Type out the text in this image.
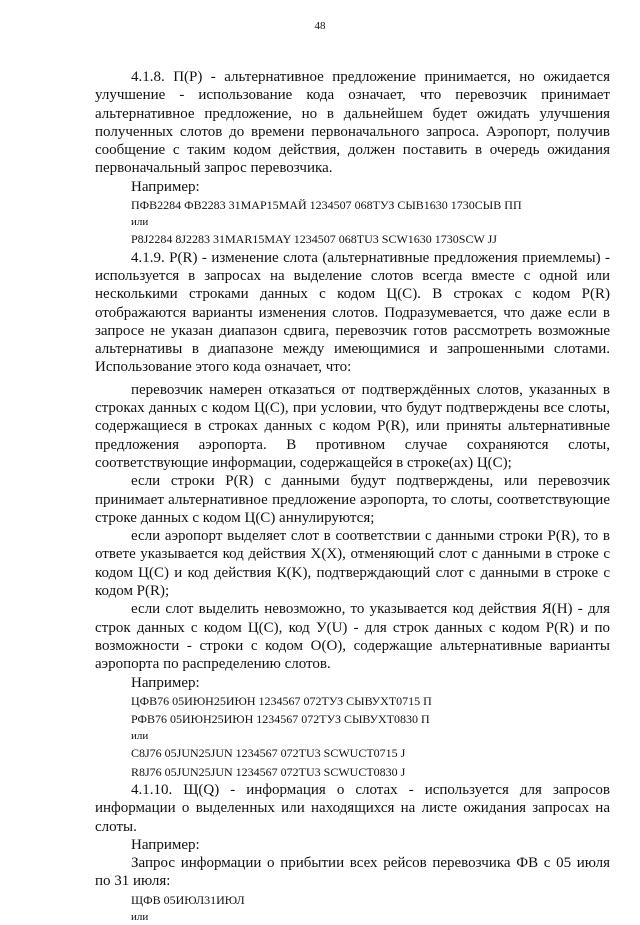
48

4.1.8. П(Р) - альтернативное предложение принимается, но ожидается улучшение - использование кода означает, что перевозчик принимает альтернативное предложение, но в дальнейшем будет ожидать улучшения полученных слотов до времени первоначального запроса. Аэропорт, получив сообщение с таким кодом действия, должен поставить в очередь ожидания первоначальный запрос перевозчика.

Например:

ПФВ2284 ФВ2283 31МАР15МАЙ 1234507 068ТУЗ СЫВ1630 1730СЫВ ПП

или

P8J2284 8J2283 31MAR15MAY 1234507 068TU3 SCW1630 1730SCW JJ

4.1.9. Р(R) - изменение слота (альтернативные предложения приемлемы) - используется в запросах на выделение слотов всегда вместе с одной или несколькими строками данных с кодом Ц(С). В строках с кодом Р(R) отображаются варианты изменения слотов. Подразумевается, что даже если в запросе не указан диапазон сдвига, перевозчик готов рассмотреть возможные альтернативы в диапазоне между имеющимися и запрошенными слотами. Использование этого кода означает, что:

перевозчик намерен отказаться от подтверждённых слотов, указанных в строках данных с кодом Ц(С), при условии, что будут подтверждены все слоты, содержащиеся в строках данных с кодом Р(R), или приняты альтернативные предложения аэропорта. В противном случае сохраняются слоты, соответствующие информации, содержащейся в строке(ах) Ц(С);

если строки Р(R) с данными будут подтверждены, или перевозчик принимает альтернативное предложение аэропорта, то слоты, соответствующие строке данных с кодом Ц(С) аннулируются;

если аэропорт выделяет слот в соответствии с данными строки Р(R), то в ответе указывается код действия Х(Х), отменяющий слот с данными в строке с кодом Ц(С) и код действия К(K), подтверждающий слот с данными в строке с кодом Р(R);

если слот выделить невозможно, то указывается код действия Я(Н) - для строк данных с кодом Ц(С), код У(U) - для строк данных с кодом Р(R) и по возможности - строки с кодом О(О), содержащие альтернативные варианты аэропорта по распределению слотов.

Например:

ЦФВ76 05ИЮН25ИЮН 1234567 072ТУЗ СЫВУХТ0715 П

РФВ76 05ИЮН25ИЮН 1234567 072ТУЗ СЫВУХТ0830 П

или

C8J76 05JUN25JUN 1234567 072TU3 SCWUCT0715 J

R8J76 05JUN25JUN 1234567 072TU3 SCWUCT0830 J

4.1.10. Щ(Q) - информация о слотах - используется для запросов информации о выделенных или находящихся на листе ожидания запросах на слоты.

Например:

Запрос информации о прибытии всех рейсов перевозчика ФВ с 05 июля по 31 июля:

ЩФВ 05ИЮЛ31ИЮЛ

или
